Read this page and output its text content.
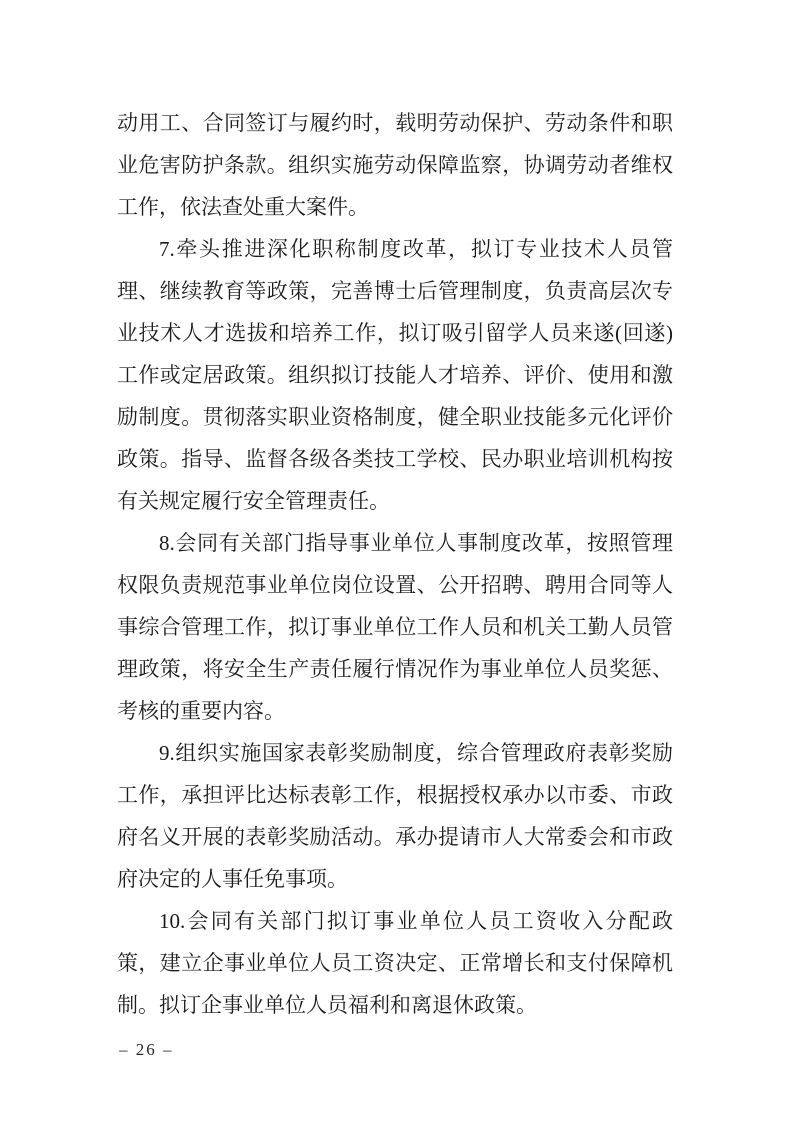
动用工、合同签订与履约时，载明劳动保护、劳动条件和职
业危害防护条款。组织实施劳动保障监察，协调劳动者维权
工作，依法查处重大案件。
7.牵头推进深化职称制度改革，拟订专业技术人员管
理、继续教育等政策，完善博士后管理制度，负责高层次专
业技术人才选拔和培养工作，拟订吸引留学人员来遂(回遂)
工作或定居政策。组织拟订技能人才培养、评价、使用和激
励制度。贯彻落实职业资格制度，健全职业技能多元化评价
政策。指导、监督各级各类技工学校、民办职业培训机构按
有关规定履行安全管理责任。
8.会同有关部门指导事业单位人事制度改革，按照管理
权限负责规范事业单位岗位设置、公开招聘、聘用合同等人
事综合管理工作，拟订事业单位工作人员和机关工勤人员管
理政策，将安全生产责任履行情况作为事业单位人员奖惩、
考核的重要内容。
9.组织实施国家表彰奖励制度，综合管理政府表彰奖励
工作，承担评比达标表彰工作，根据授权承办以市委、市政
府名义开展的表彰奖励活动。承办提请市人大常委会和市政
府决定的人事任免事项。
10.会同有关部门拟订事业单位人员工资收入分配政
策，建立企事业单位人员工资决定、正常增长和支付保障机
制。拟订企事业单位人员福利和离退休政策。
– 26 –
